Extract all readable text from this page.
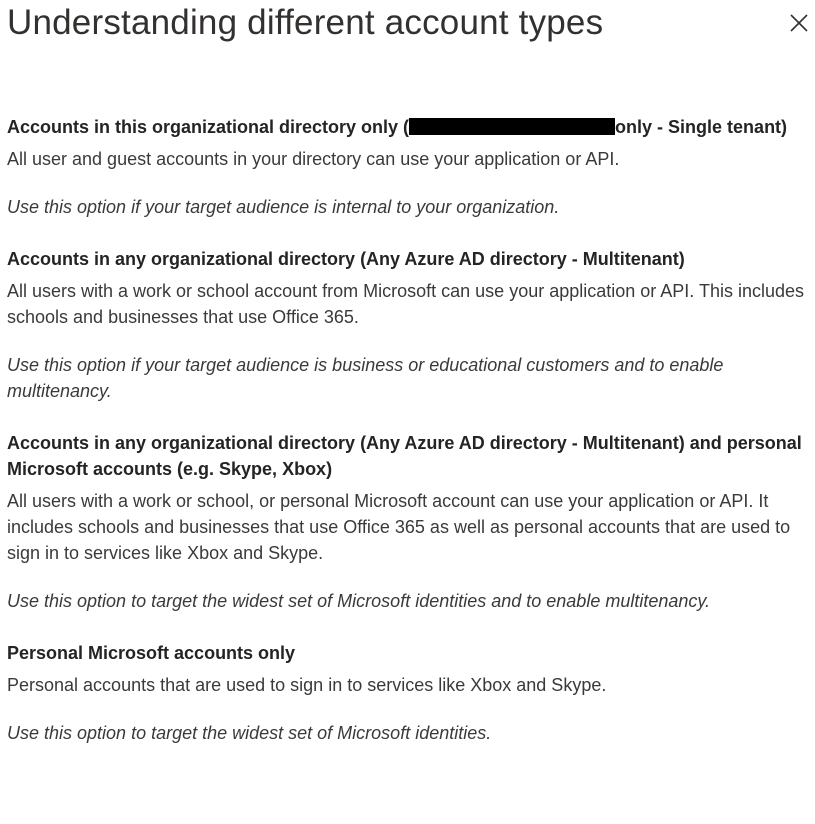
Understanding different account types

Accounts in this organizational directory only (	only - Single tenant)

All user and guest accounts in your directory can use your application or API.

Use this option if your target audience is internal to your organization.

Accounts in any organizational directory (Any Azure AD directory - Multitenant)

All users with a work or school account from Microsoft can use your application or API. This includes schools and businesses that use Office 365.

Use this option if your target audience is business or educational customers and to enable multitenancy.

Accounts in any organizational directory (Any Azure AD directory - Multitenant) and personal Microsoft accounts (e.g. Skype, Xbox)

All users with a work or school, or personal Microsoft account can use your application or API. It includes schools and businesses that use Office 365 as well as personal accounts that are used to sign in to services like Xbox and Skype.

Use this option to target the widest set of Microsoft identities and to enable multitenancy.

Personal Microsoft accounts only

Personal accounts that are used to sign in to services like Xbox and Skype.

Use this option to target the widest set of Microsoft identities.
